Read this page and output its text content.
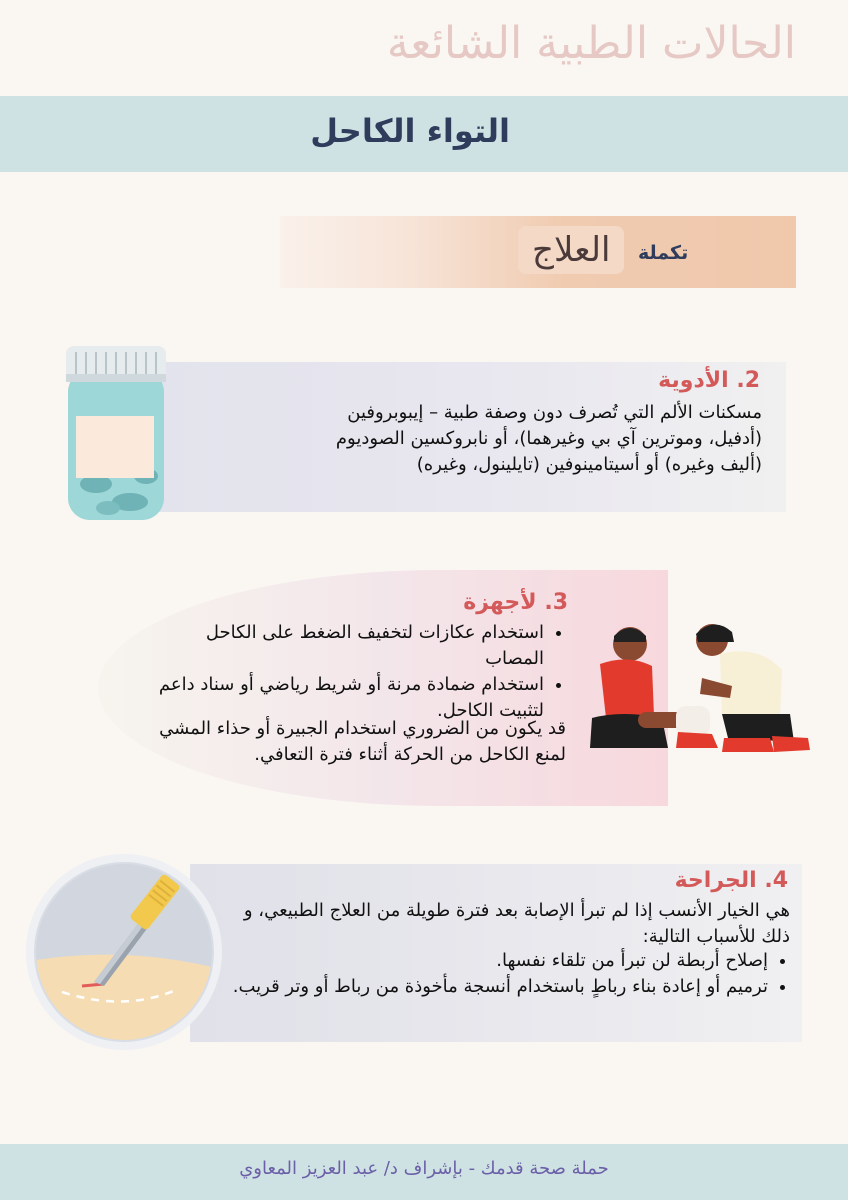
الحالات الطبية الشائعة
التواء الكاحل
العلاج	تكملة
2. الأدوية

مسكنات الألم التي تُصرف دون وصفة طبية – إيبوبروفين (أدفيل، وموترين آي بي وغيرهما)، أو نابروكسين الصوديوم (أليف وغيره) أو أسيتامينوفين (تايلينول، وغيره)

3. لأجهزة
• استخدام عكازات لتخفيف الضغط على الكاحل المصاب
• استخدام ضمادة مرنة أو شريط رياضي أو سناد داعم لتثبيت الكاحل.

قد يكون من الضروري استخدام الجبيرة أو حذاء المشي لمنع الكاحل من الحركة أثناء فترة التعافي.

4. الجراحة

هي الخيار الأنسب إذا لم تبرأ الإصابة بعد فترة طويلة من العلاج الطبيعي، و ذلك للأسباب التالية:

• إصلاح أربطة لن تبرأ من تلقاء نفسها.
• ترميم أو إعادة بناء رباطٍ باستخدام أنسجة مأخوذة من رباط أو وتر قريب.
حملة صحة قدمك - بإشراف د/ عبد العزيز المعاوي
